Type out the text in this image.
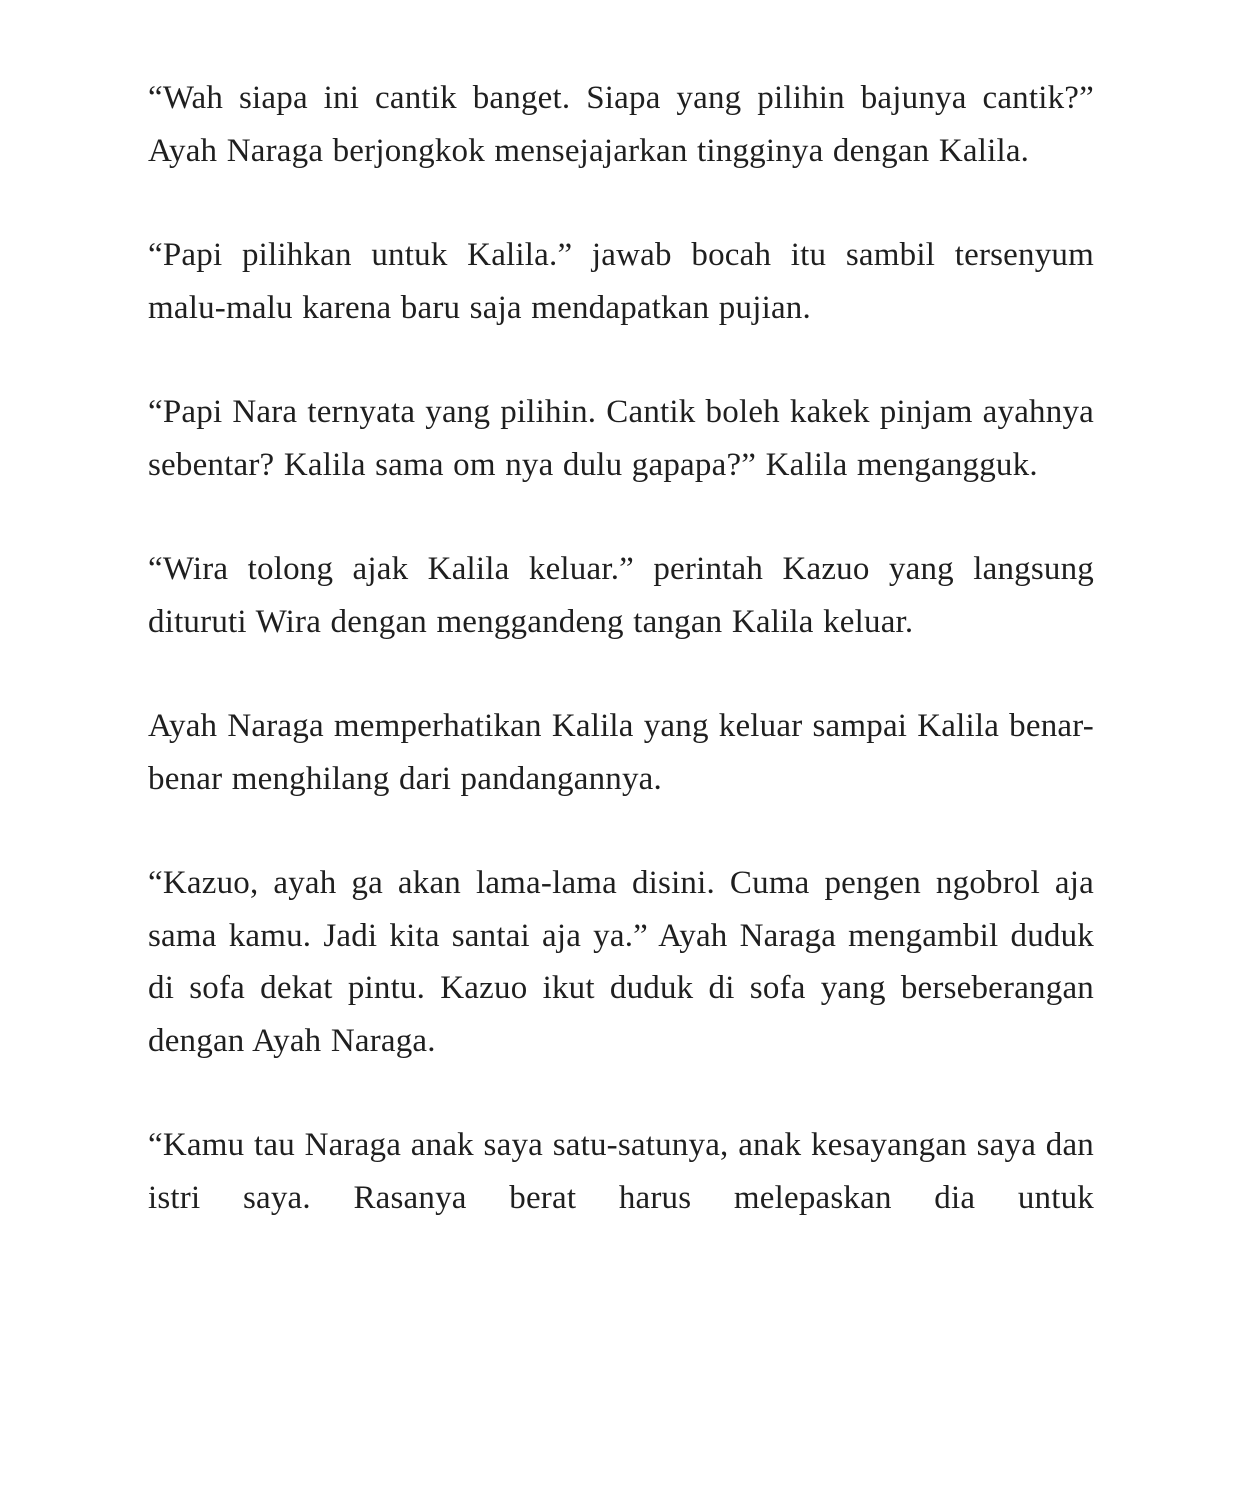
“Wah siapa ini cantik banget. Siapa yang pilihin bajunya cantik?” Ayah Naraga berjongkok mensejajarkan tingginya dengan Kalila.

“Papi pilihkan untuk Kalila.” jawab bocah itu sambil tersenyum malu-malu karena baru saja mendapatkan pujian.

“Papi Nara ternyata yang pilihin. Cantik boleh kakek pinjam ayahnya sebentar? Kalila sama om nya dulu gapapa?” Kalila mengangguk.

“Wira tolong ajak Kalila keluar.” perintah Kazuo yang langsung dituruti Wira dengan menggandeng tangan Kalila keluar.

Ayah Naraga memperhatikan Kalila yang keluar sampai Kalila benar-benar menghilang dari pandangannya.

“Kazuo, ayah ga akan lama-lama disini. Cuma pengen ngobrol aja sama kamu. Jadi kita santai aja ya.” Ayah Naraga mengambil duduk di sofa dekat pintu. Kazuo ikut duduk di sofa yang berseberangan dengan Ayah Naraga.

“Kamu tau Naraga anak saya satu-satunya, anak kesayangan saya dan istri saya. Rasanya berat harus melepaskan dia untuk
